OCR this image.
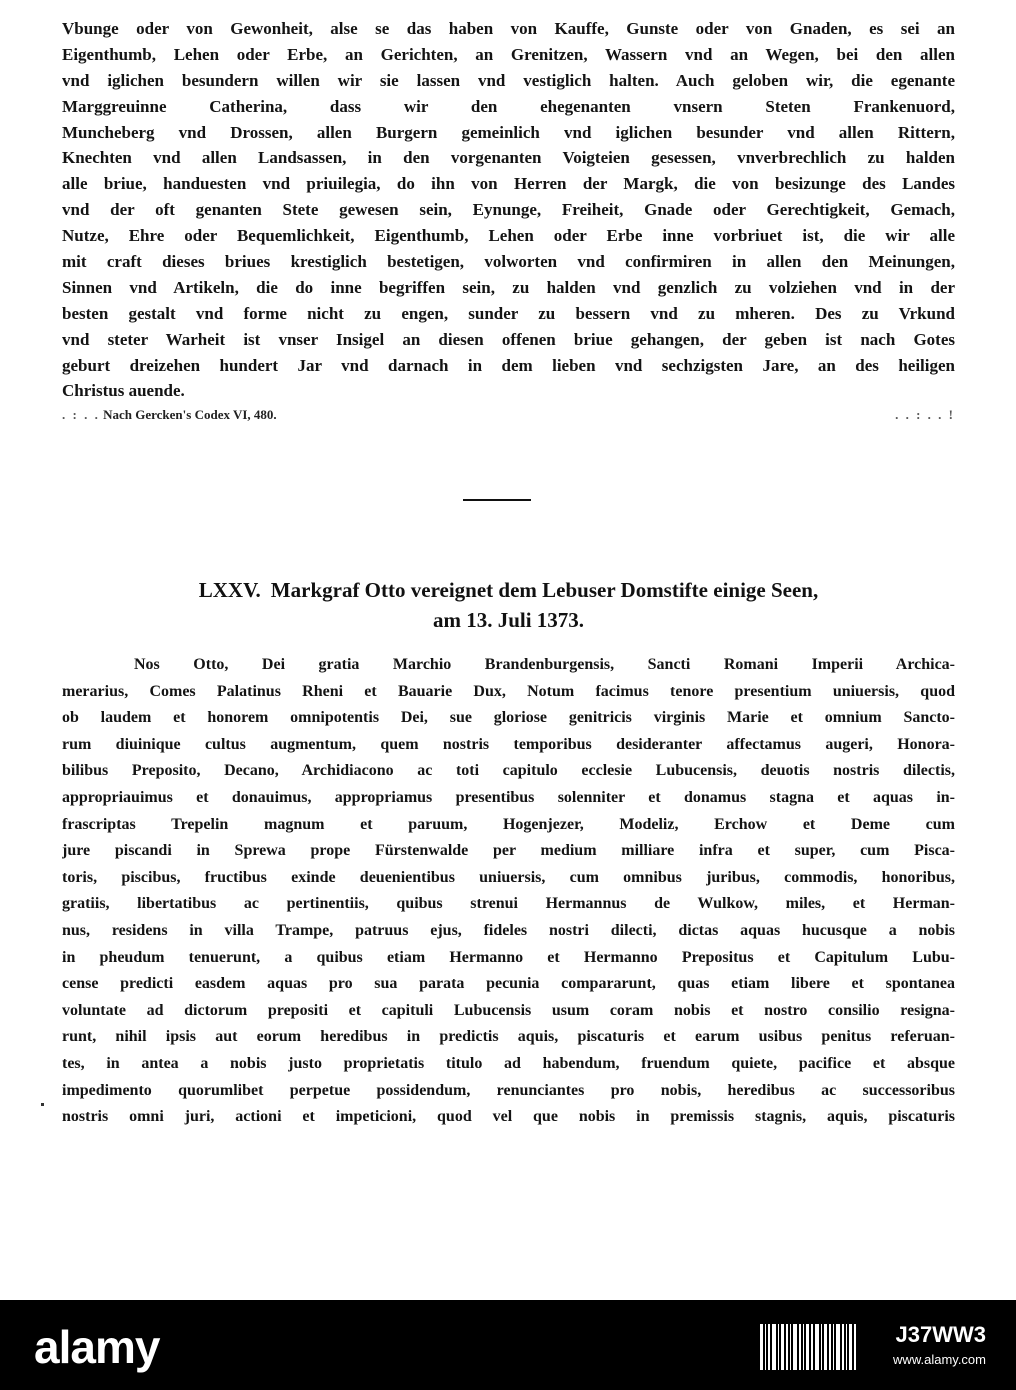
Vbunge oder von Gewonheit, alse se das haben von Kauffe, Gunste oder von Gnaden, es sei an
Eigenthumb, Lehen oder Erbe, an Gerichten, an Grenitzen, Wassern vnd an Wegen, bei den allen
vnd iglichen besundern willen wir sie lassen vnd vestiglich halten. Auch geloben wir, die egenante
Marggreuinne Catherina, dass wir den ehegenanten vnsern Steten Frankenuord,
Muncheberg vnd Drossen, allen Burgern gemeinlich vnd iglichen besunder vnd allen Rittern,
Knechten vnd allen Landsassen, in den vorgenanten Voigteien gesessen, vnverbrechlich zu halden
alle briue, handuesten vnd priuilegia, do ihn von Herren der Margk, die von besizunge des Landes
vnd der oft genanten Stete gewesen sein, Eynunge, Freiheit, Gnade oder Gerechtigkeit, Gemach,
Nutze, Ehre oder Bequemlichkeit, Eigenthumb, Lehen oder Erbe inne vorbriuet ist, die wir alle
mit craft dieses briues krestiglich bestetigen, volworten vnd confirmiren in allen den Meinungen,
Sinnen vnd Artikeln, die do inne begriffen sein, zu halden vnd genzlich zu volziehen vnd in der
besten gestalt vnd forme nicht zu engen, sunder zu bessern vnd zu mheren. Des zu Vrkund
vnd steter Warheit ist vnser Insigel an diesen offenen briue gehangen, der geben ist nach Gotes
geburt dreizehen hundert Jar vnd darnach in dem lieben vnd sechzigsten Jare, an des heiligen
Christus auende.
. : . . Nach Gercken's Codex VI, 480.	. . : . . !
LXXV. Markgraf Otto vereignet dem Lebuser Domstifte einige Seen,
am 13. Juli 1373.
Nos Otto, Dei gratia Marchio Brandenburgensis, Sancti Romani Imperii Archica-
merarius, Comes Palatinus Rheni et Bauarie Dux, Notum facimus tenore presentium uniuersis, quod
ob laudem et honorem omnipotentis Dei, sue gloriose genitricis virginis Marie et omnium Sancto-
rum diuinique cultus augmentum, quem nostris temporibus desideranter affectamus augeri, Honora-
bilibus Preposito, Decano, Archidiacono ac toti capitulo ecclesie Lubucensis, deuotis nostris dilectis,
appropriauimus et donauimus, appropriamus presentibus solenniter et donamus stagna et aquas in-
frascriptas Trepelin magnum et paruum, Hogenjezer, Modeliz, Erchow et Deme cum
jure piscandi in Sprewa prope Fürstenwalde per medium milliare infra et super, cum Pisca-
toris, piscibus, fructibus exinde deuenientibus uniuersis, cum omnibus juribus, commodis, honoribus,
gratiis, libertatibus ac pertinentiis, quibus strenui Hermannus de Wulkow, miles, et Herman-
nus, residens in villa Trampe, patruus ejus, fideles nostri dilecti, dictas aquas hucusque a nobis
in pheudum tenuerunt, a quibus etiam Hermanno et Hermanno Prepositus et Capitulum Lubu-
cense predicti easdem aquas pro sua parata pecunia compararunt, quas etiam libere et spontanea
voluntate ad dictorum prepositi et capituli Lubucensis usum coram nobis et nostro consilio resigna-
runt, nihil ipsis aut eorum heredibus in predictis aquis, piscaturis et earum usibus penitus referuan-
tes, in antea a nobis justo proprietatis titulo ad habendum, fruendum quiete, pacifice et absque
impedimento quorumlibet perpetue possidendum, renunciantes pro nobis, heredibus ac successoribus
nostris omni juri, actioni et impeticioni, quod vel que nobis in premissis stagnis, aquis, piscaturis
alamy	J37WW3
www.alamy.com
